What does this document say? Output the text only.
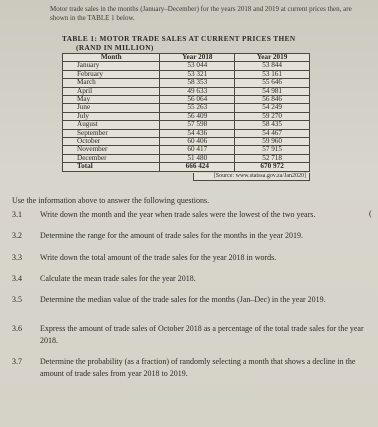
Motor trade sales in the months (January–December) for the years 2018 and 2019 at current prices then, are shown in the TABLE 1 below.
TABLE 1: MOTOR TRADE SALES AT CURRENT PRICES THEN
(RAND IN MILLION)
Month	Year 2018	Year 2019
January	53 044	53 844
February	53 321	53 161
March	58 353	55 646
April	49 633	54 981
May	56 064	56 846
June	55 263	54 249
July	56 409	59 270
August	57 598	58 435
September	54 436	54 467
October	60 406	59 960
November	60 417	57 915
December	51 480	52 718
Total	666 424	670 972
[Source: www.statssa.gov.za/Jan2020]
Use the information above to answer the following questions.
(
3.1	Write down the month and the year when trade sales were the lowest of the two years.
3.2	Determine the range for the amount of trade sales for the months in the year 2019.
3.3	Write down the total amount of the trade sales for the year 2018 in words.
3.4	Calculate the mean trade sales for the year 2018.
3.5	Determine the median value of the trade sales for the months (Jan–Dec) in the year 2019.
3.6	Express the amount of trade sales of October 2018 as a percentage of the total trade sales for the year 2018.
3.7	Determine the probability (as a fraction) of randomly selecting a month that shows a decline in the amount of trade sales from year 2018 to 2019.
